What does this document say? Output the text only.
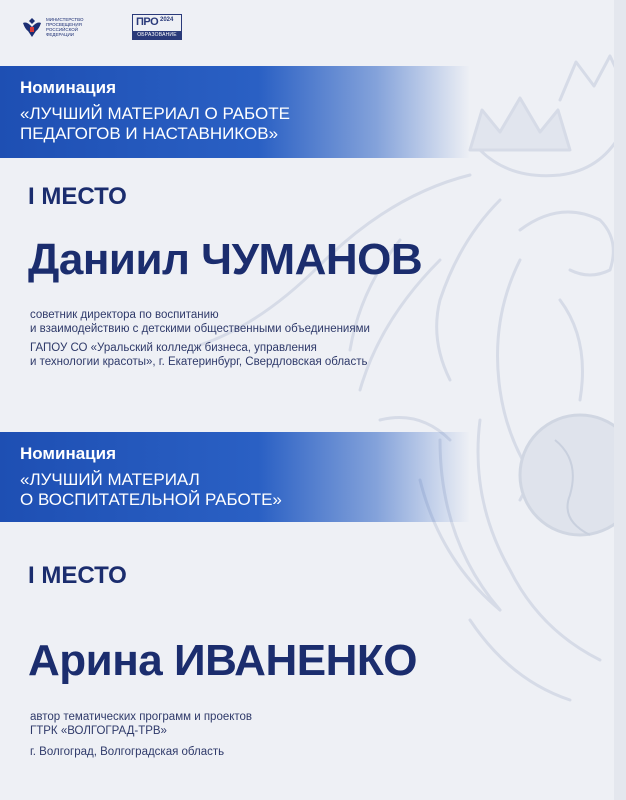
МИНИСТЕРСТВО
ПРОСВЕЩЕНИЯ
РОССИЙСКОЙ
ФЕДЕРАЦИИ
ПРО 2024
ОБРАЗОВАНИЕ
Номинация
«ЛУЧШИЙ МАТЕРИАЛ О РАБОТЕ
ПЕДАГОГОВ И НАСТАВНИКОВ»
I МЕСТО
Даниил ЧУМАНОВ
советник директора по воспитанию
и взаимодействию с детскими общественными объединениями
ГАПОУ СО «Уральский колледж бизнеса, управления
и технологии красоты», г. Екатеринбург, Свердловская область
Номинация
«ЛУЧШИЙ МАТЕРИАЛ
О ВОСПИТАТЕЛЬНОЙ РАБОТЕ»
I МЕСТО
Арина ИВАНЕНКО
автор тематических программ и проектов
ГТРК «ВОЛГОГРАД-ТРВ»
г. Волгоград, Волгоградская область
